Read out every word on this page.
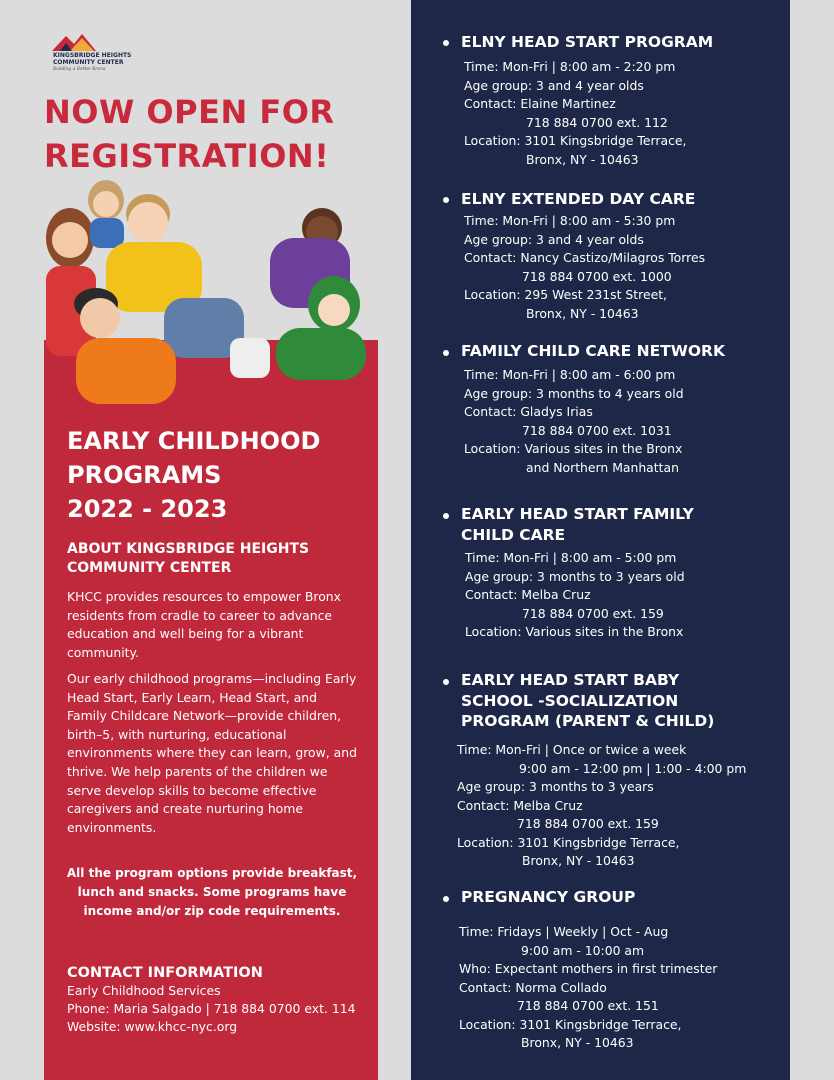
KINGSBRIDGE HEIGHTS
COMMUNITY CENTER
Building a Better Bronx
NOW OPEN FOR
REGISTRATION!
EARLY CHILDHOOD
PROGRAMS
2022 - 2023
ABOUT KINGSBRIDGE HEIGHTS
COMMUNITY CENTER
KHCC provides resources to empower Bronx residents from cradle to career to advance education and well being for a vibrant community.
Our early childhood programs—including Early Head Start, Early Learn, Head Start, and Family Childcare Network—provide children, birth–5, with nurturing, educational environments where they can learn, grow, and thrive. We help parents of the children we serve develop skills to become effective caregivers and create nurturing home environments.
All the program options provide breakfast, lunch and snacks. Some programs have income and/or zip code requirements.
CONTACT INFORMATION
Early Childhood Services
Phone: Maria Salgado | 718 884 0700 ext. 114
Website: www.khcc-nyc.org
ELNY HEAD START PROGRAM
Time: Mon-Fri | 8:00 am - 2:20 pm
Age group: 3 and 4 year olds
Contact: Elaine Martinez
718 884 0700 ext. 112
Location: 3101 Kingsbridge Terrace,
Bronx, NY - 10463
ELNY EXTENDED DAY CARE
Time: Mon-Fri | 8:00 am - 5:30 pm
Age group: 3 and 4 year olds
Contact: Nancy Castizo/Milagros Torres
718 884 0700 ext. 1000
Location: 295 West 231st Street,
Bronx, NY - 10463
FAMILY CHILD CARE NETWORK
Time: Mon-Fri | 8:00 am - 6:00 pm
Age group: 3 months to 4 years old
Contact: Gladys Irias
718 884 0700 ext. 1031
Location: Various sites in the Bronx
and Northern Manhattan
EARLY HEAD START FAMILY
CHILD CARE
Time: Mon-Fri | 8:00 am - 5:00 pm
Age group: 3 months to 3 years old
Contact: Melba Cruz
718 884 0700 ext. 159
Location: Various sites in the Bronx
EARLY HEAD START BABY
SCHOOL -SOCIALIZATION
PROGRAM (PARENT & CHILD)
Time: Mon-Fri | Once or twice a week
9:00 am - 12:00 pm | 1:00 - 4:00 pm
Age group: 3 months to 3 years
Contact: Melba Cruz
718 884 0700 ext. 159
Location: 3101 Kingsbridge Terrace,
Bronx, NY - 10463
PREGNANCY GROUP
Time: Fridays | Weekly | Oct - Aug
9:00 am - 10:00 am
Who: Expectant mothers in first trimester
Contact: Norma Collado
718 884 0700 ext. 151
Location: 3101 Kingsbridge Terrace,
Bronx, NY - 10463
